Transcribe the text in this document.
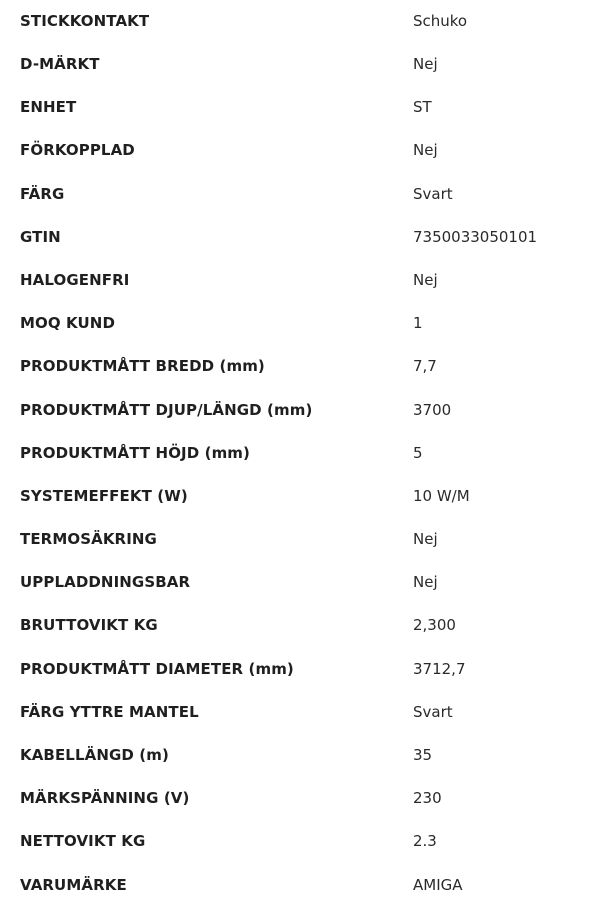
STICKKONTAKT	Schuko
D-MÄRKT	Nej
ENHET	ST
FÖRKOPPLAD	Nej
FÄRG	Svart
GTIN	7350033050101
HALOGENFRI	Nej
MOQ KUND	1
PRODUKTMÅTT BREDD (mm)	7,7
PRODUKTMÅTT DJUP/LÄNGD (mm)	3700
PRODUKTMÅTT HÖJD (mm)	5
SYSTEMEFFEKT (W)	10 W/M
TERMOSÄKRING	Nej
UPPLADDNINGSBAR	Nej
BRUTTOVIKT KG	2,300
PRODUKTMÅTT DIAMETER (mm)	3712,7
FÄRG YTTRE MANTEL	Svart
KABELLÄNGD (m)	35
MÄRKSPÄNNING (V)	230
NETTOVIKT KG	2.3
VARUMÄRKE	AMIGA
